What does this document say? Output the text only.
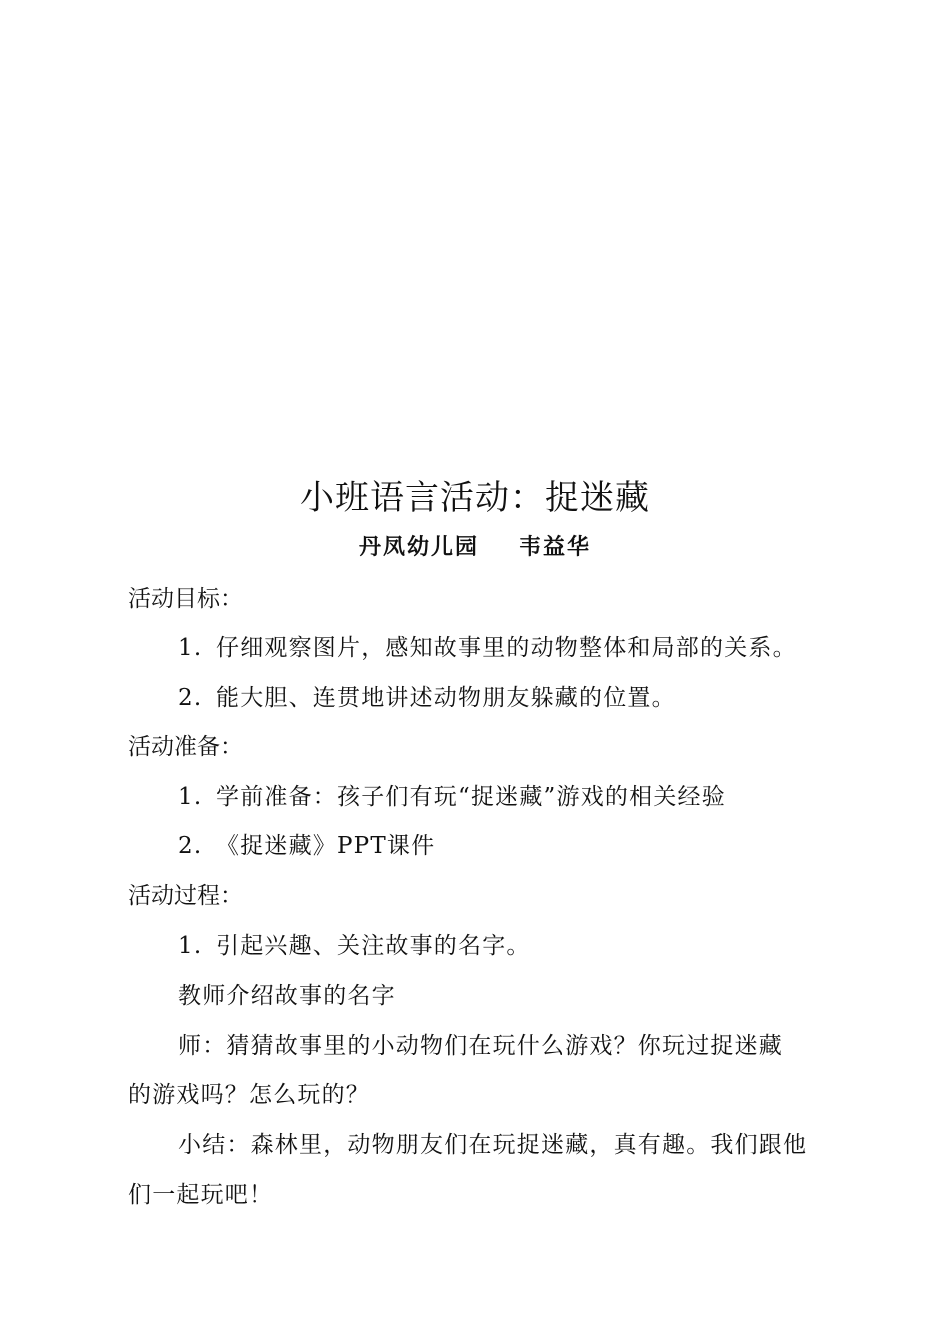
小班语言活动：捉迷藏
丹凤幼儿园 韦益华
活动目标：
1. 仔细观察图片，感知故事里的动物整体和局部的关系。
2. 能大胆、连贯地讲述动物朋友躲藏的位置。
活动准备：
1. 学前准备：孩子们有玩“捉迷藏”游戏的相关经验
2. 《捉迷藏》PPT课件
活动过程：
1. 引起兴趣、关注故事的名字。
教师介绍故事的名字
师：猜猜故事里的小动物们在玩什么游戏？你玩过捉迷藏
的游戏吗？怎么玩的？
小结：森林里，动物朋友们在玩捉迷藏，真有趣。我们跟他
们一起玩吧！
